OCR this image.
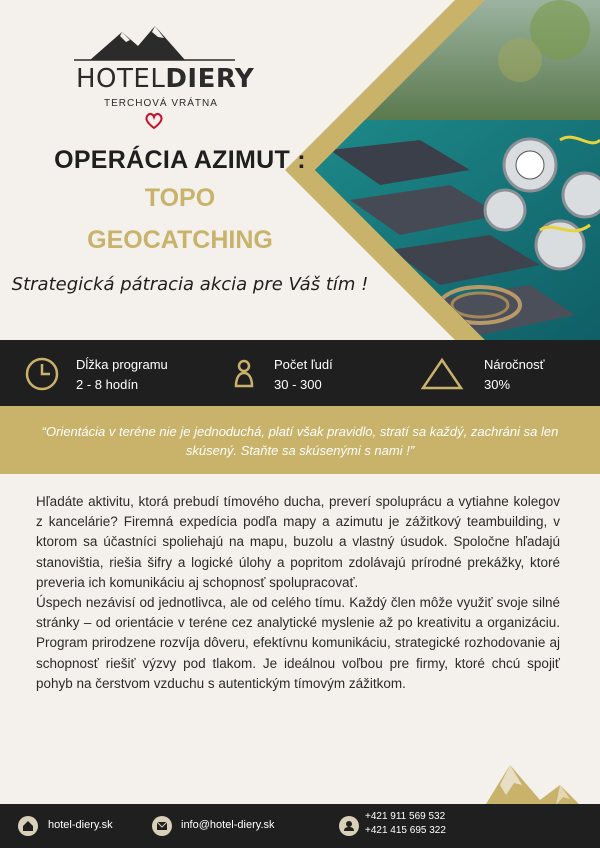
HOTELDIERY
TERCHOVÁ VRÁTNA
OPERÁCIA AZIMUT :
TOPO
GEOCATCHING
Strategická pátracia akcia pre Váš tím !
Dĺžka programu
2 - 8 hodín
Počet ľudí
30 - 300
Náročnosť
30%
“Orientácia v teréne nie je jednoduchá, platí však pravidlo, stratí sa každý, zachráni sa len skúsený. Staňte sa skúsenými s nami !”

Hľadáte aktivitu, ktorá prebudí tímového ducha, preverí spoluprácu a vytiahne kolegov z kancelárie? Firemná expedícia podľa mapy a azimutu je zážitkový teambuilding, v ktorom sa účastníci spoliehajú na mapu, buzolu a vlastný úsudok. Spoločne hľadajú stanovištia, riešia šifry a logické úlohy a popritom zdolávajú prírodné prekážky, ktoré preveria ich komunikáciu aj schopnosť spolupracovať.

Úspech nezávisí od jednotlivca, ale od celého tímu. Každý člen môže využiť svoje silné stránky – od orientácie v teréne cez analytické myslenie až po kreativitu a organizáciu. Program prirodzene rozvíja dôveru, efektívnu komunikáciu, strategické rozhodovanie aj schopnosť riešiť výzvy pod tlakom. Je ideálnou voľbou pre firmy, ktoré chcú spojiť pohyb na čerstvom vzduchu s autentickým tímovým zážitkom.

hotel-diery.sk	info@hotel-diery.sk
+421 911 569 532
+421 415 695 322
